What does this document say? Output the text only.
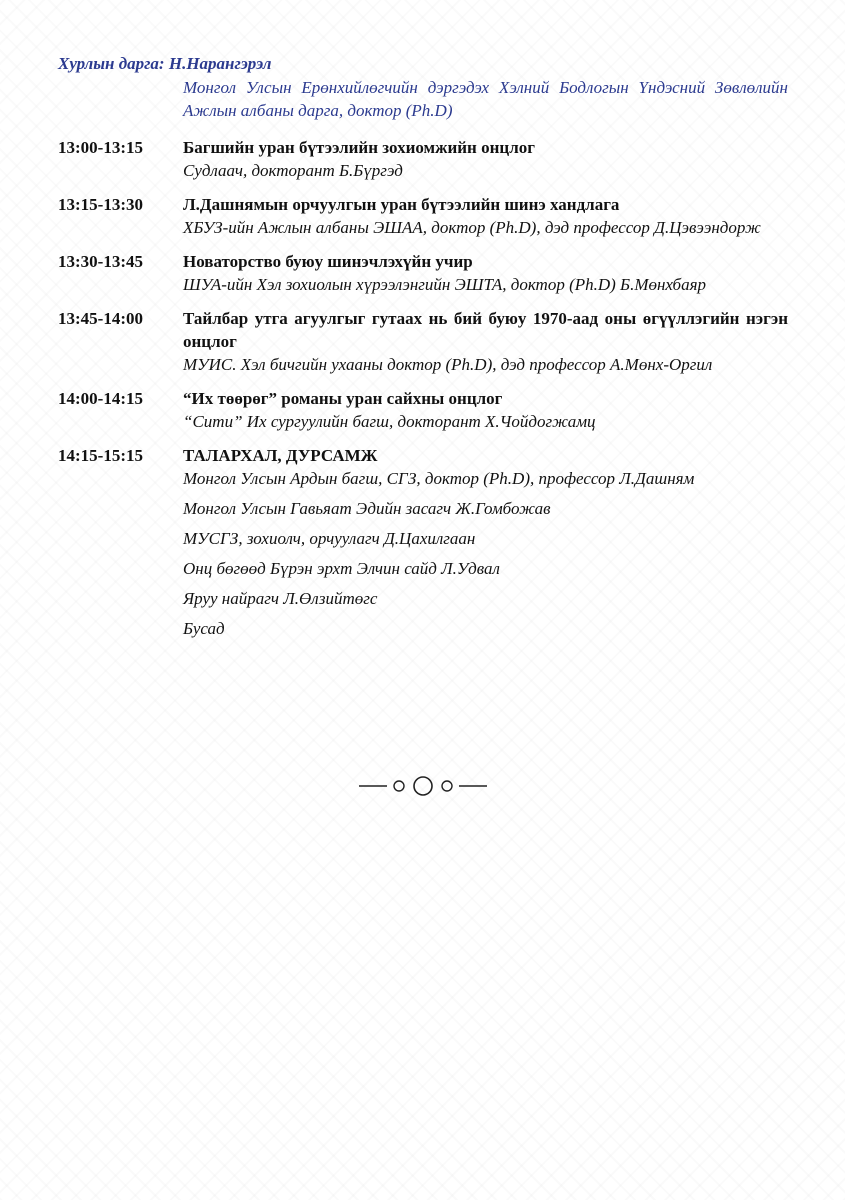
Хурлын дарга: Н.Нарангэрэл
Монгол Улсын Ерөнхийлөгчийн дэргэдэх Хэлний Бодлогын Үндэсний Зөвлөлийн Ажлын албаны дарга, доктор (Ph.D)
13:00-13:15	Багшийн уран бүтээлийн зохиомжийн онцлог
Судлаач, докторант Б.Бүргэд
13:15-13:30	Л.Дашнямын орчуулгын уран бүтээлийн шинэ хандлага
ХБУЗ-ийн Ажлын албаны ЭШАА, доктор (Ph.D), дэд профессор Д.Цэвээндорж
13:30-13:45	Новаторство буюу шинэчлэхүйн учир
ШУА-ийн Хэл зохиолын хүрээлэнгийн ЭШТА, доктор (Ph.D) Б.Мөнхбаяр
13:45-14:00	Тайлбар утга агуулгыг гутаах нь бий буюу 1970-аад оны өгүүллэгийн нэгэн онцлог
МУИС. Хэл бичгийн ухааны доктор (Ph.D), дэд профессор А.Мөнх-Оргил
14:00-14:15	“Их төөрөг” романы уран сайхны онцлог
“Сити” Их сургуулийн багш, докторант Х.Чойдогжамц
14:15-15:15	ТАЛАРХАЛ, ДУРСАМЖ
Монгол Улсын Ардын багш, СГЗ, доктор (Ph.D), профессор Л.Дашням
Монгол Улсын Гавьяат Эдийн засагч Ж.Гомбожав
МУСГЗ, зохиолч, орчуулагч Д.Цахилгаан
Онц бөгөөд Бүрэн эрхт Элчин сайд Л.Удвал
Яруу найрагч Л.Өлзийтөгс
Бусад
